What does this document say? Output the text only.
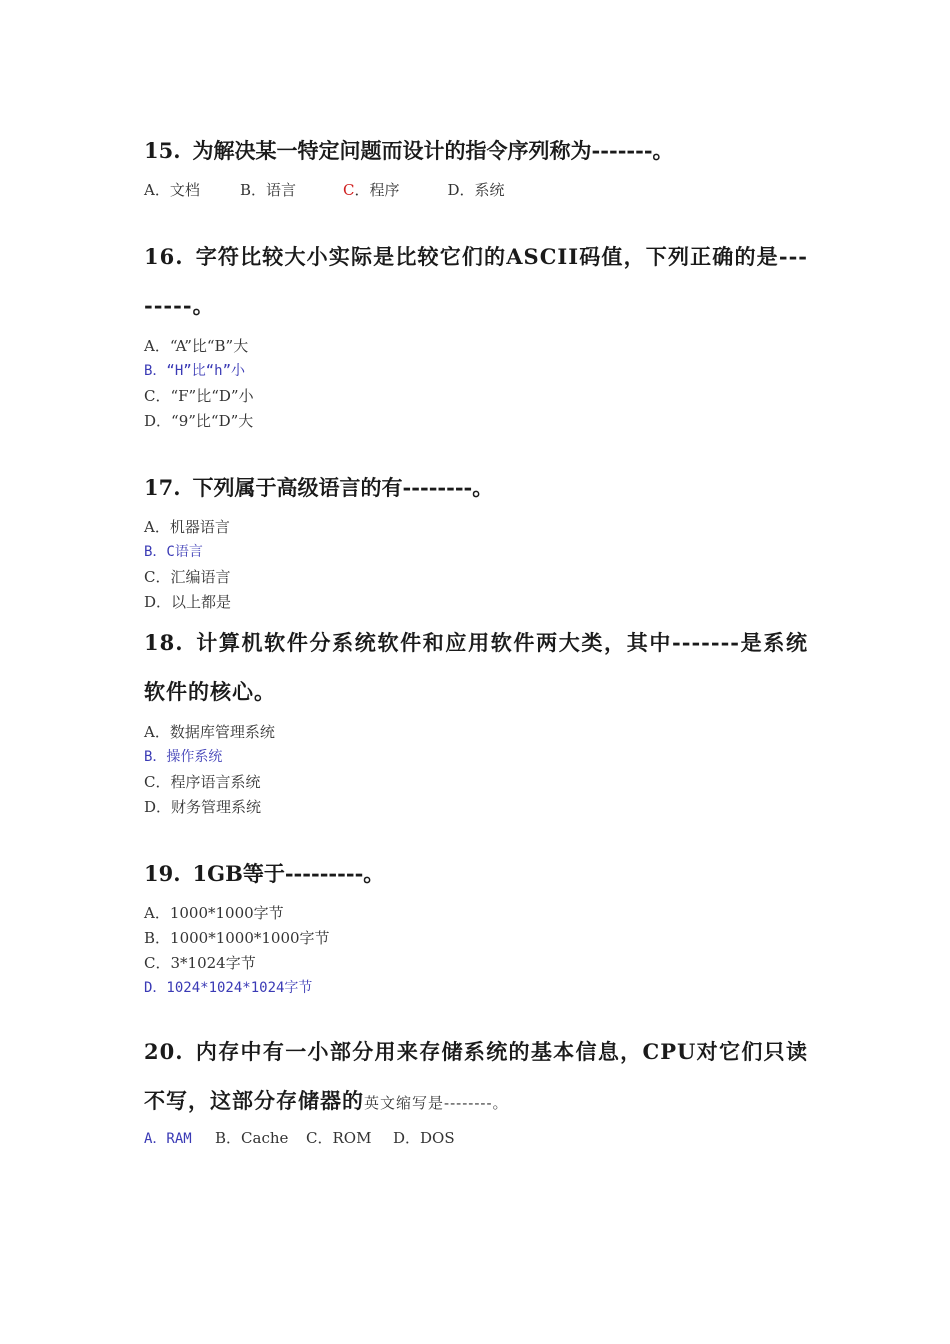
15. 为解决某一特定问题而设计的指令序列称为-------。

A．文档	B．语言	C．程序	D．系统

16. 字符比较大小实际是比较它们的ASCII码值，下列正确的是--------。

A．“A”比“B”大
B．“H”比“h”小
C．“F”比“D”小
D．“9”比“D”大

17. 下列属于高级语言的有--------。

A．机器语言
B．C语言
C．汇编语言
D．以上都是

18. 计算机软件分系统软件和应用软件两大类，其中-------是系统软件的核心。

A．数据库管理系统
B．操作系统
C．程序语言系统
D．财务管理系统

19. 1GB等于---------。

A．1000*1000字节
B．1000*1000*1000字节
C．3*1024字节
D．1024*1024*1024字节

20. 内存中有一小部分用来存储系统的基本信息，CPU对它们只读不写，这部分存储器的英文缩写是--------。

A．RAM B．Cache C．ROM D．DOS
